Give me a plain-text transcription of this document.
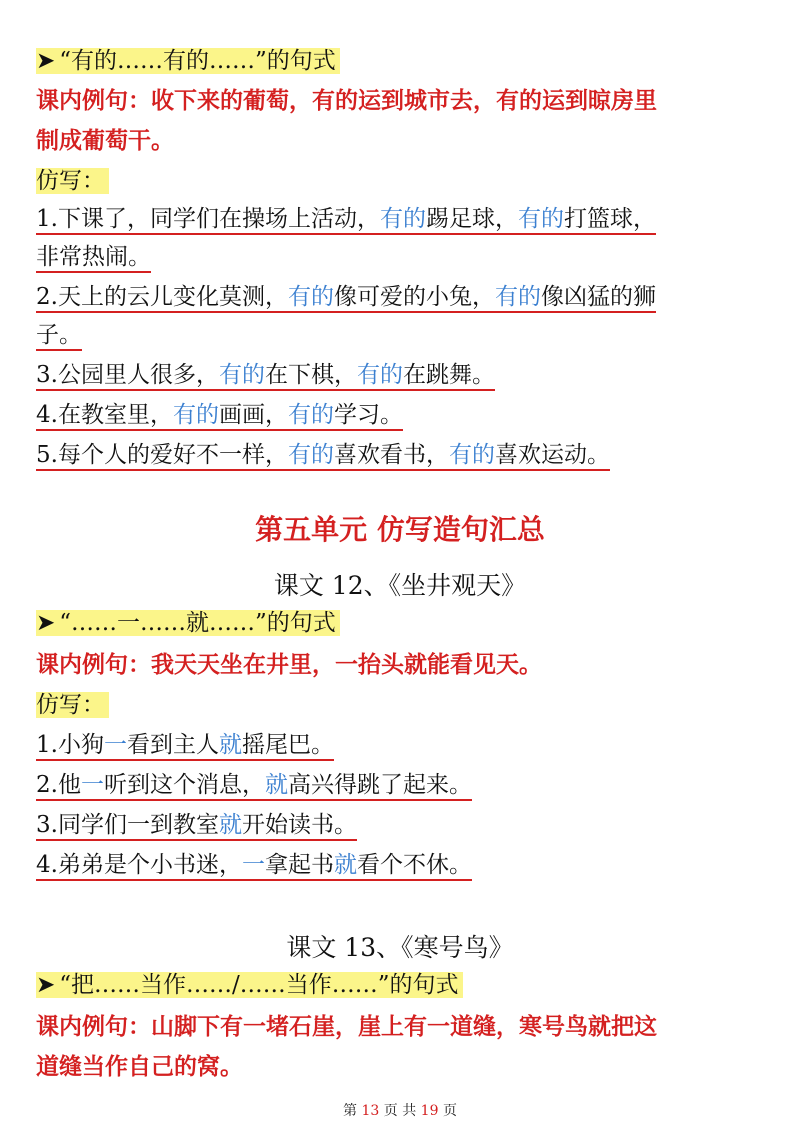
➤ “有的……有的……”的句式
课内例句：收下来的葡萄，有的运到城市去，有的运到晾房里
制成葡萄干。
仿写：
1.下课了，同学们在操场上活动，有的踢足球，有的打篮球，
非常热闹。
2.天上的云儿变化莫测，有的像可爱的小兔，有的像凶猛的狮
子。
3.公园里人很多，有的在下棋，有的在跳舞。
4.在教室里，有的画画，有的学习。
5.每个人的爱好不一样，有的喜欢看书，有的喜欢运动。
第五单元 仿写造句汇总
课文 12、《坐井观天》
➤ “……一……就……”的句式
课内例句：我天天坐在井里，一抬头就能看见天。
仿写：
1.小狗一看到主人就摇尾巴。
2.他一听到这个消息，就高兴得跳了起来。
3.同学们一到教室就开始读书。
4.弟弟是个小书迷，一拿起书就看个不休。
课文 13、《寒号鸟》
➤ “把……当作……/……当作……”的句式
课内例句：山脚下有一堵石崖，崖上有一道缝，寒号鸟就把这
道缝当作自己的窝。
第 13 页 共 19 页
